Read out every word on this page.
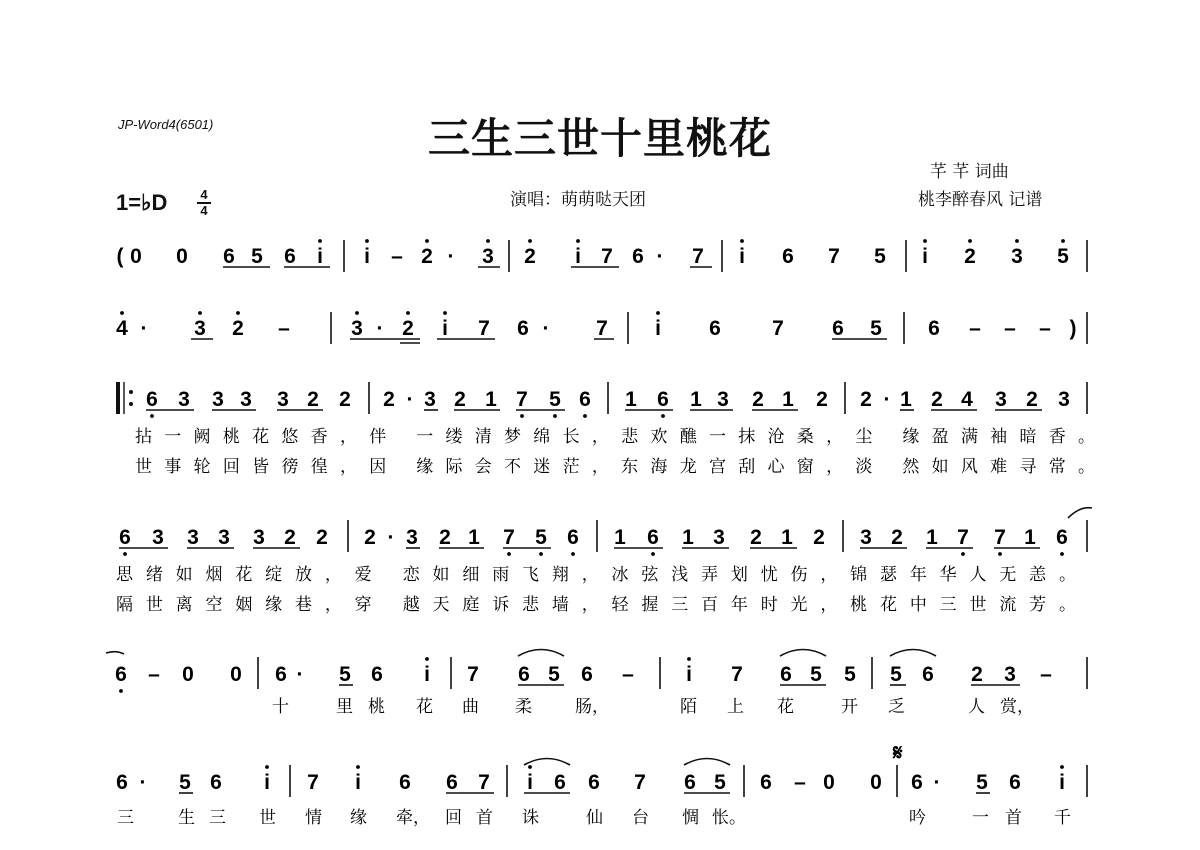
JP-Word4(6501)	三生三世十里桃花
芊 芊 词曲
桃李醉春风 记谱
演唱：萌萌哒天团
1=♭D	4
4
𝄋
( 0 0 6 5 6 i i – 2 · 3 2 i 7 6 · 7 i 6 7 5 i 2 3 5
4 · 3 2 –	3 · 2 i 7 6 · 7 i 6 7 6 5 6 – – – )
6 3 3 3 3 2 2 2 · 3 2 1 7 5 6 1 6 1 3 2 1 2 2 · 1 2 4 3 2 3
6 3 3 3 3 2 2 2 · 3 2 1 7 5 6 1 6 1 3 2 1 2 3 2 1 7 7 1 6
6 – 0 0 6 · 5 6 i 7 6 5 6 – i 7 6 5 5 5 6 2 3 –
6 · 5 6 i 7 i 6 6 7 i 6 6 7 6 5 6 – 0 0 6 · 5 6 i
拈一阙桃花悠香，伴 一缕清梦绵长，悲欢醮一抹沧桑，尘 缘盈满袖暗香。
世事轮回皆徬徨，因 缘际会不迷茫，东海龙宫刮心窗，淡 然如风难寻常。
思绪如烟花绽放，爱 恋如细雨飞翔，冰弦浅弄划忧伤，锦瑟年华人无恙。
隔世离空姻缘巷，穿 越天庭诉悲墙，轻握三百年时光，桃花中三世流芳。
十	里 桃 花 曲 柔	肠，	陌 上 花	开 乏	人 赏，
三	生 三 世 情 缘 牵， 回 首 诛	仙 台 惆 怅。	吟	一 首 千
